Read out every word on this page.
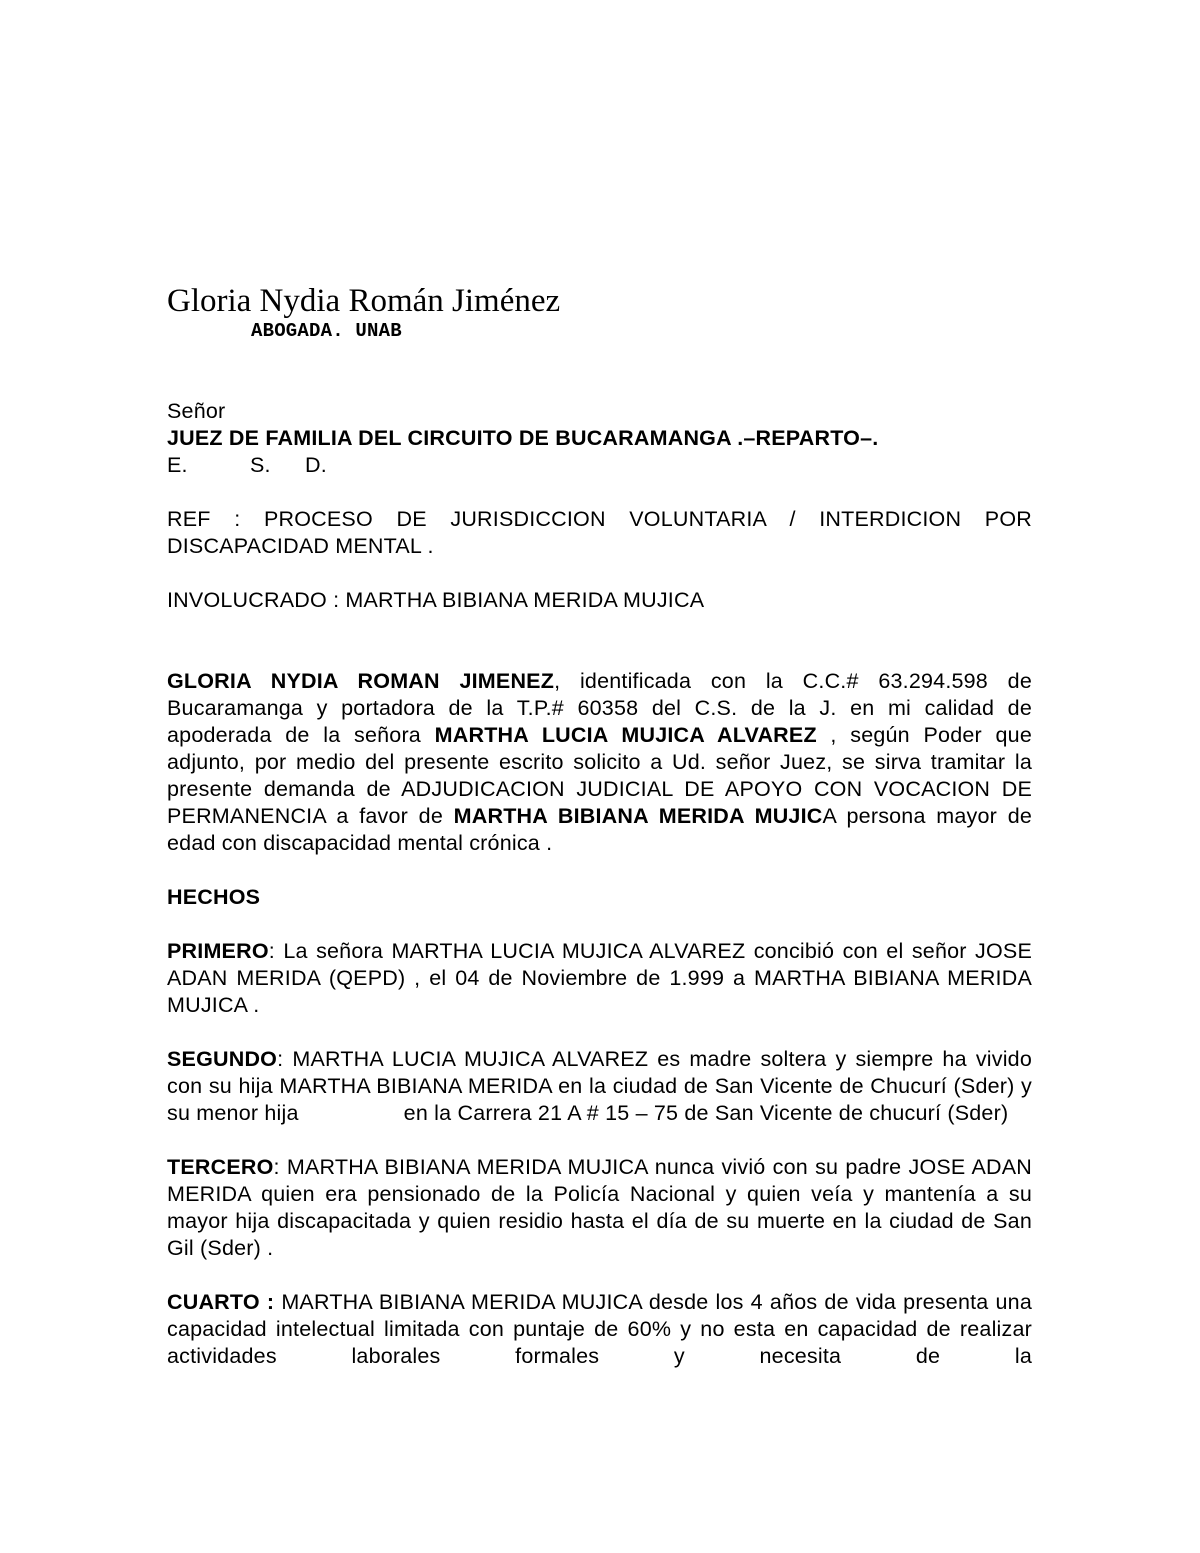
Gloria Nydia Román Jiménez
ABOGADA. UNAB

Señor

JUEZ DE FAMILIA DEL CIRCUITO DE BUCARAMANGA .–REPARTO–.

E.	S. D.

REF : PROCESO DE JURISDICCION VOLUNTARIA / INTERDICION POR DISCAPACIDAD MENTAL .

INVOLUCRADO : MARTHA BIBIANA MERIDA MUJICA

GLORIA NYDIA ROMAN JIMENEZ, identificada con la C.C.# 63.294.598 de Bucaramanga y portadora de la T.P.# 60358 del C.S. de la J. en mi calidad de apoderada de la señora MARTHA LUCIA MUJICA ALVAREZ , según Poder que adjunto, por medio del presente escrito solicito a Ud. señor Juez, se sirva tramitar la presente demanda de ADJUDICACION JUDICIAL DE APOYO CON VOCACION DE PERMANENCIA a favor de MARTHA BIBIANA MERIDA MUJICA persona mayor de edad con discapacidad mental crónica .

HECHOS

PRIMERO: La señora MARTHA LUCIA MUJICA ALVAREZ concibió con el señor JOSE ADAN MERIDA (QEPD) , el 04 de Noviembre de 1.999 a MARTHA BIBIANA MERIDA MUJICA .

SEGUNDO: MARTHA LUCIA MUJICA ALVAREZ es madre soltera y siempre ha vivido con su hija MARTHA BIBIANA MERIDA en la ciudad de San Vicente de Chucurí (Sder) y su menor hija	en la Carrera 21 A # 15 – 75 de San Vicente de chucurí (Sder)

TERCERO: MARTHA BIBIANA MERIDA MUJICA nunca vivió con su padre JOSE ADAN MERIDA quien era pensionado de la Policía Nacional y quien veía y mantenía a su mayor hija discapacitada y quien residio hasta el día de su muerte en la ciudad de San Gil (Sder) .

CUARTO : MARTHA BIBIANA MERIDA MUJICA desde los 4 años de vida presenta una capacidad intelectual limitada con puntaje de 60% y no esta en capacidad de realizar actividades laborales formales y necesita de la
